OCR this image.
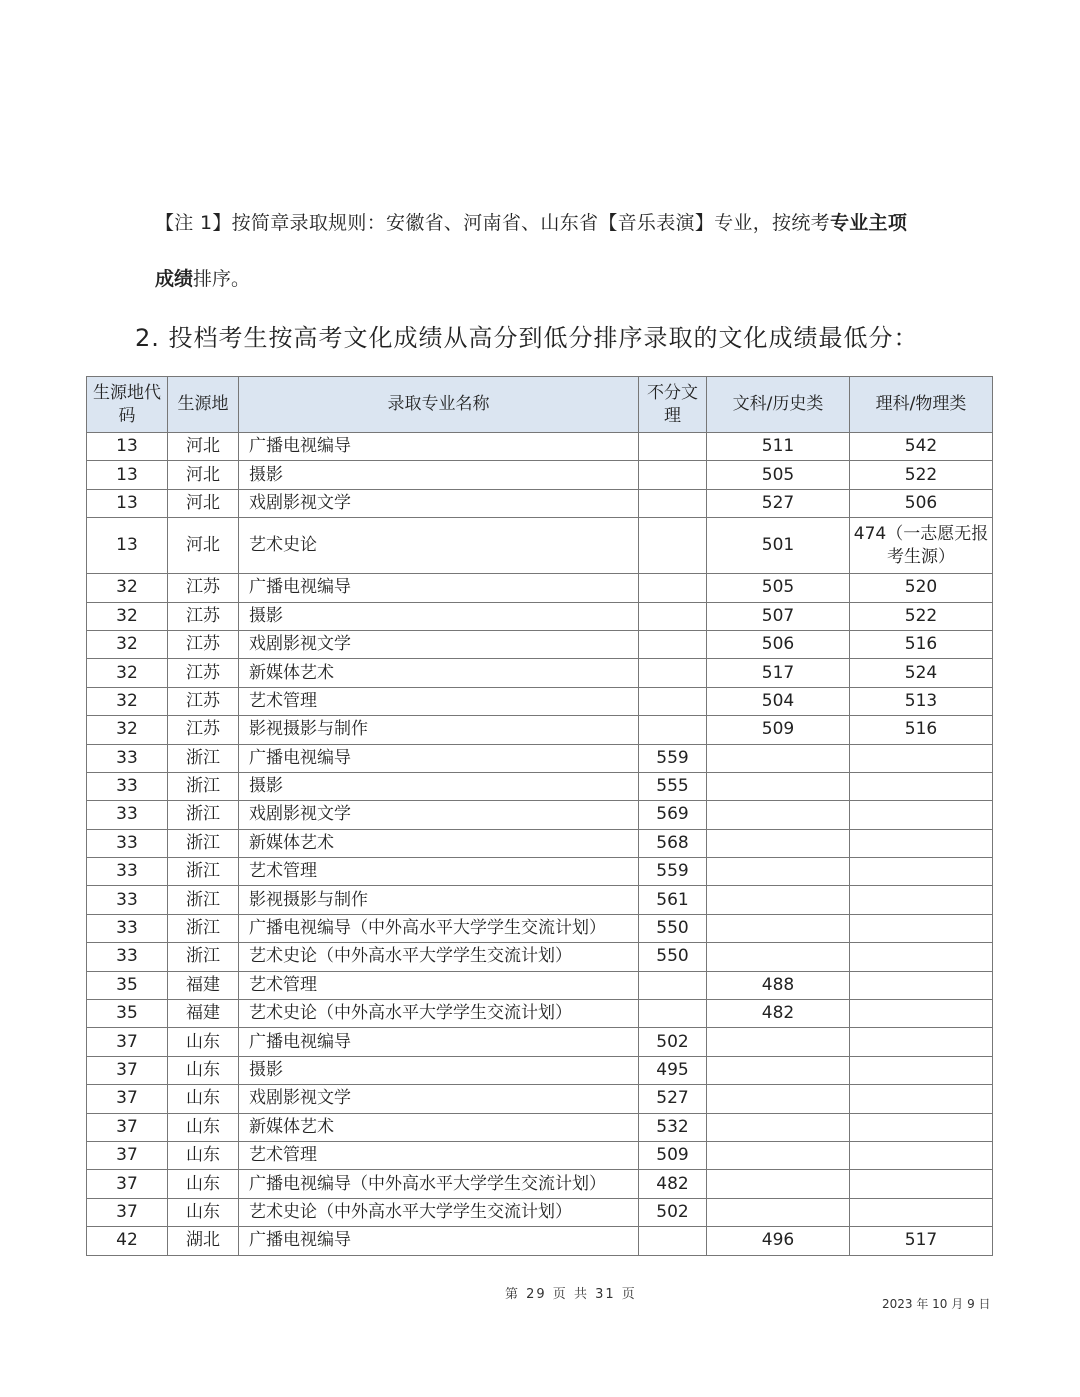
【注 1】按简章录取规则：安徽省、河南省、山东省【音乐表演】专业，按统考专业主项
成绩排序。
2. 投档考生按高考文化成绩从高分到低分排序录取的文化成绩最低分：
生源地代码	生源地	录取专业名称	不分文理	文科/历史类	理科/物理类
13	河北	广播电视编导		511	542
13	河北	摄影		505	522
13	河北	戏剧影视文学		527	506
13	河北	艺术史论		501	474（一志愿无报考生源）
32	江苏	广播电视编导		505	520
32	江苏	摄影		507	522
32	江苏	戏剧影视文学		506	516
32	江苏	新媒体艺术		517	524
32	江苏	艺术管理		504	513
32	江苏	影视摄影与制作		509	516
33	浙江	广播电视编导	559		
33	浙江	摄影	555		
33	浙江	戏剧影视文学	569		
33	浙江	新媒体艺术	568		
33	浙江	艺术管理	559		
33	浙江	影视摄影与制作	561		
33	浙江	广播电视编导（中外高水平大学学生交流计划）	550		
33	浙江	艺术史论（中外高水平大学学生交流计划）	550		
35	福建	艺术管理		488	
35	福建	艺术史论（中外高水平大学学生交流计划）		482	
37	山东	广播电视编导	502		
37	山东	摄影	495		
37	山东	戏剧影视文学	527		
37	山东	新媒体艺术	532		
37	山东	艺术管理	509		
37	山东	广播电视编导（中外高水平大学学生交流计划）	482		
37	山东	艺术史论（中外高水平大学学生交流计划）	502		
42	湖北	广播电视编导		496	517
第 29 页 共 31 页
2023 年 10 月 9 日
